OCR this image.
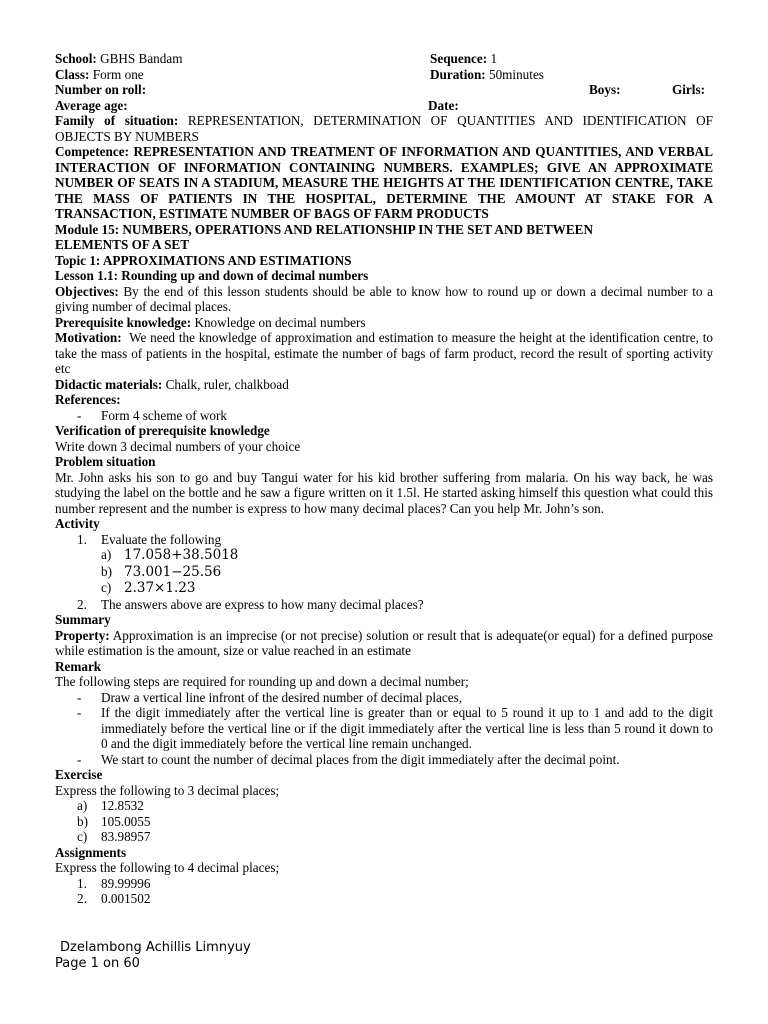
School: GBHS Bandam	Sequence: 1
Class: Form one	Duration: 50minutes
Number on roll:	Boys:	Girls:
Average age:	Date:
Family of situation: REPRESENTATION, DETERMINATION OF QUANTITIES AND IDENTIFICATION OF OBJECTS BY NUMBERS
Competence: REPRESENTATION AND TREATMENT OF INFORMATION AND QUANTITIES, AND VERBAL INTERACTION OF INFORMATION CONTAINING NUMBERS. EXAMPLES; GIVE AN APPROXIMATE NUMBER OF SEATS IN A STADIUM, MEASURE THE HEIGHTS AT THE IDENTIFICATION CENTRE, TAKE THE MASS OF PATIENTS IN THE HOSPITAL, DETERMINE THE AMOUNT AT STAKE FOR A TRANSACTION, ESTIMATE NUMBER OF BAGS OF FARM PRODUCTS
Module 15: NUMBERS, OPERATIONS AND RELATIONSHIP IN THE SET AND BETWEEN ELEMENTS OF A SET
Topic 1: APPROXIMATIONS AND ESTIMATIONS
Lesson 1.1: Rounding up and down of decimal numbers
Objectives: By the end of this lesson students should be able to know how to round up or down a decimal number to a giving number of decimal places.
Prerequisite knowledge: Knowledge on decimal numbers
Motivation: We need the knowledge of approximation and estimation to measure the height at the identification centre, to take the mass of patients in the hospital, estimate the number of bags of farm product, record the result of sporting activity etc
Didactic materials: Chalk, ruler, chalkboad
References:
- Form 4 scheme of work
Verification of prerequisite knowledge
Write down 3 decimal numbers of your choice
Problem situation
Mr. John asks his son to go and buy Tangui water for his kid brother suffering from malaria. On his way back, he was studying the label on the bottle and he saw a figure written on it 1.5l. He started asking himself this question what could this number represent and the number is express to how many decimal places? Can you help Mr. John’s son.
Activity
1. Evaluate the following
a) 17.058+38.5018
b) 73.001−25.56
c) 2.37×1.23
2. The answers above are express to how many decimal places?
Summary
Property: Approximation is an imprecise (or not precise) solution or result that is adequate(or equal) for a defined purpose while estimation is the amount, size or value reached in an estimate
Remark
The following steps are required for rounding up and down a decimal number;
- Draw a vertical line infront of the desired number of decimal places,
- If the digit immediately after the vertical line is greater than or equal to 5 round it up to 1 and add to the digit immediately before the vertical line or if the digit immediately after the vertical line is less than 5 round it down to 0 and the digit immediately before the vertical line remain unchanged.
- We start to count the number of decimal places from the digit immediately after the decimal point.
Exercise
Express the following to 3 decimal places;
a) 12.8532
b) 105.0055
c) 83.98957
Assignments
Express the following to 4 decimal places;
1. 89.99996
2. 0.001502
Dzelambong Achillis Limnyuy
Page 1 on 60
